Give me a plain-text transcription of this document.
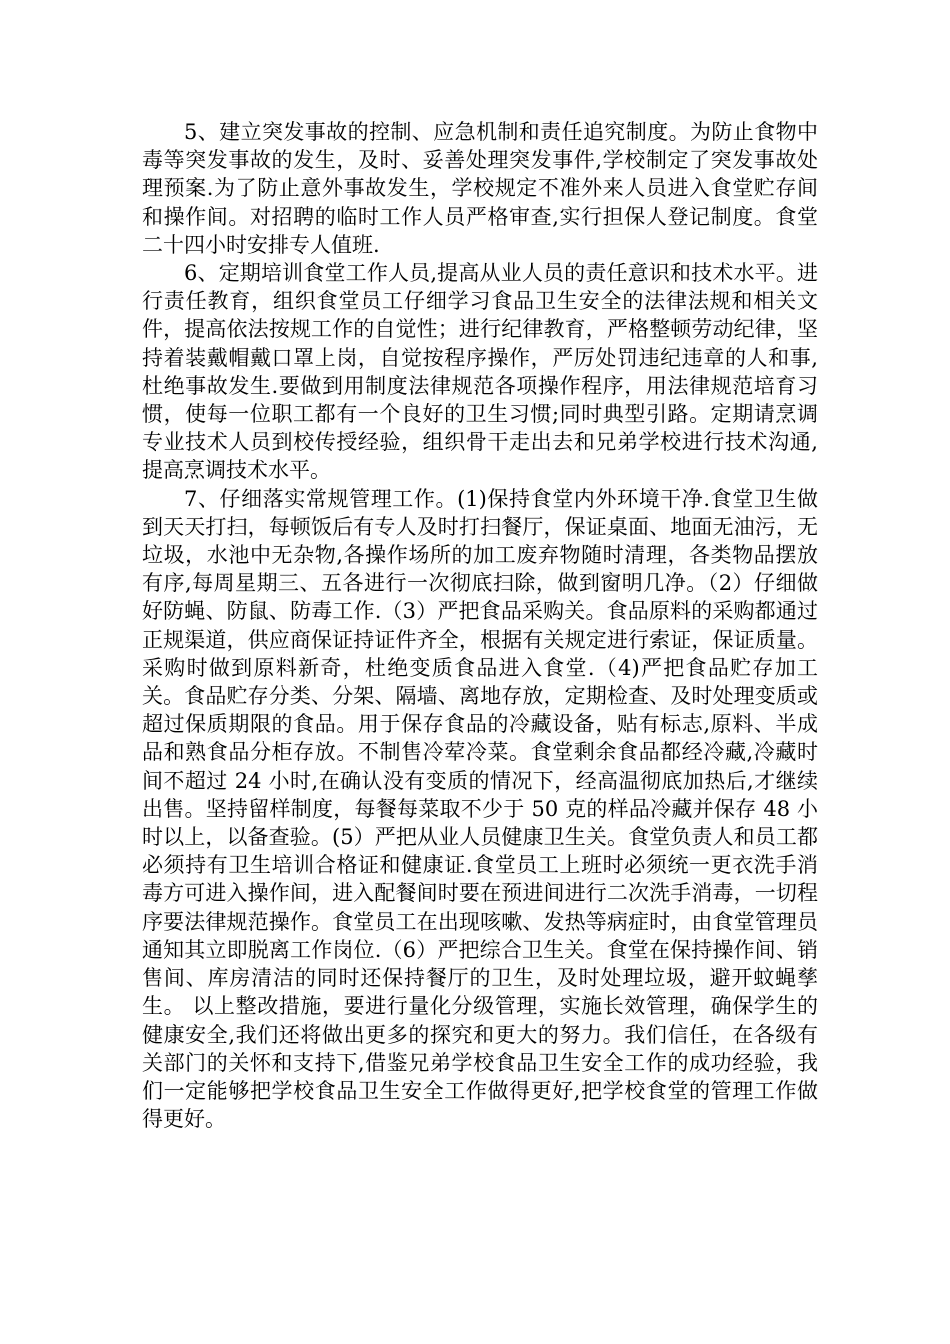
5、建立突发事故的控制、应急机制和责任追究制度。为防止食物中毒等突发事故的发生，及时、妥善处理突发事件,学校制定了突发事故处理预案.为了防止意外事故发生，学校规定不准外来人员进入食堂贮存间和操作间。对招聘的临时工作人员严格审查,实行担保人登记制度。食堂二十四小时安排专人值班.

6、定期培训食堂工作人员,提高从业人员的责任意识和技术水平。进行责任教育，组织食堂员工仔细学习食品卫生安全的法律法规和相关文件，提高依法按规工作的自觉性；进行纪律教育，严格整顿劳动纪律，坚持着装戴帽戴口罩上岗，自觉按程序操作，严厉处罚违纪违章的人和事,杜绝事故发生.要做到用制度法律规范各项操作程序，用法律规范培育习惯，使每一位职工都有一个良好的卫生习惯;同时典型引路。定期请烹调专业技术人员到校传授经验，组织骨干走出去和兄弟学校进行技术沟通,提高烹调技术水平。

7、仔细落实常规管理工作。(1)保持食堂内外环境干净.食堂卫生做到天天打扫，每顿饭后有专人及时打扫餐厅，保证桌面、地面无油污，无垃圾，水池中无杂物,各操作场所的加工废弃物随时清理，各类物品摆放有序,每周星期三、五各进行一次彻底扫除，做到窗明几净。（2）仔细做好防蝇、防鼠、防毒工作.（3）严把食品采购关。食品原料的采购都通过正规渠道，供应商保证持证件齐全，根据有关规定进行索证，保证质量。采购时做到原料新奇，杜绝变质食品进入食堂.（4)严把食品贮存加工关。食品贮存分类、分架、隔墙、离地存放，定期检查、及时处理变质或超过保质期限的食品。用于保存食品的冷藏设备，贴有标志,原料、半成品和熟食品分柜存放。不制售冷荤冷菜。食堂剩余食品都经冷藏,冷藏时间不超过 24 小时,在确认没有变质的情况下，经高温彻底加热后,才继续出售。坚持留样制度，每餐每菜取不少于 50 克的样品冷藏并保存 48 小时以上，以备查验。(5）严把从业人员健康卫生关。食堂负责人和员工都必须持有卫生培训合格证和健康证.食堂员工上班时必须统一更衣洗手消毒方可进入操作间，进入配餐间时要在预进间进行二次洗手消毒，一切程序要法律规范操作。食堂员工在出现咳嗽、发热等病症时，由食堂管理员通知其立即脱离工作岗位.（6）严把综合卫生关。食堂在保持操作间、销售间、库房清洁的同时还保持餐厅的卫生，及时处理垃圾，避开蚊蝇孳生。 以上整改措施，要进行量化分级管理，实施长效管理，确保学生的健康安全,我们还将做出更多的探究和更大的努力。我们信任，在各级有关部门的关怀和支持下,借鉴兄弟学校食品卫生安全工作的成功经验，我们一定能够把学校食品卫生安全工作做得更好,把学校食堂的管理工作做得更好。
